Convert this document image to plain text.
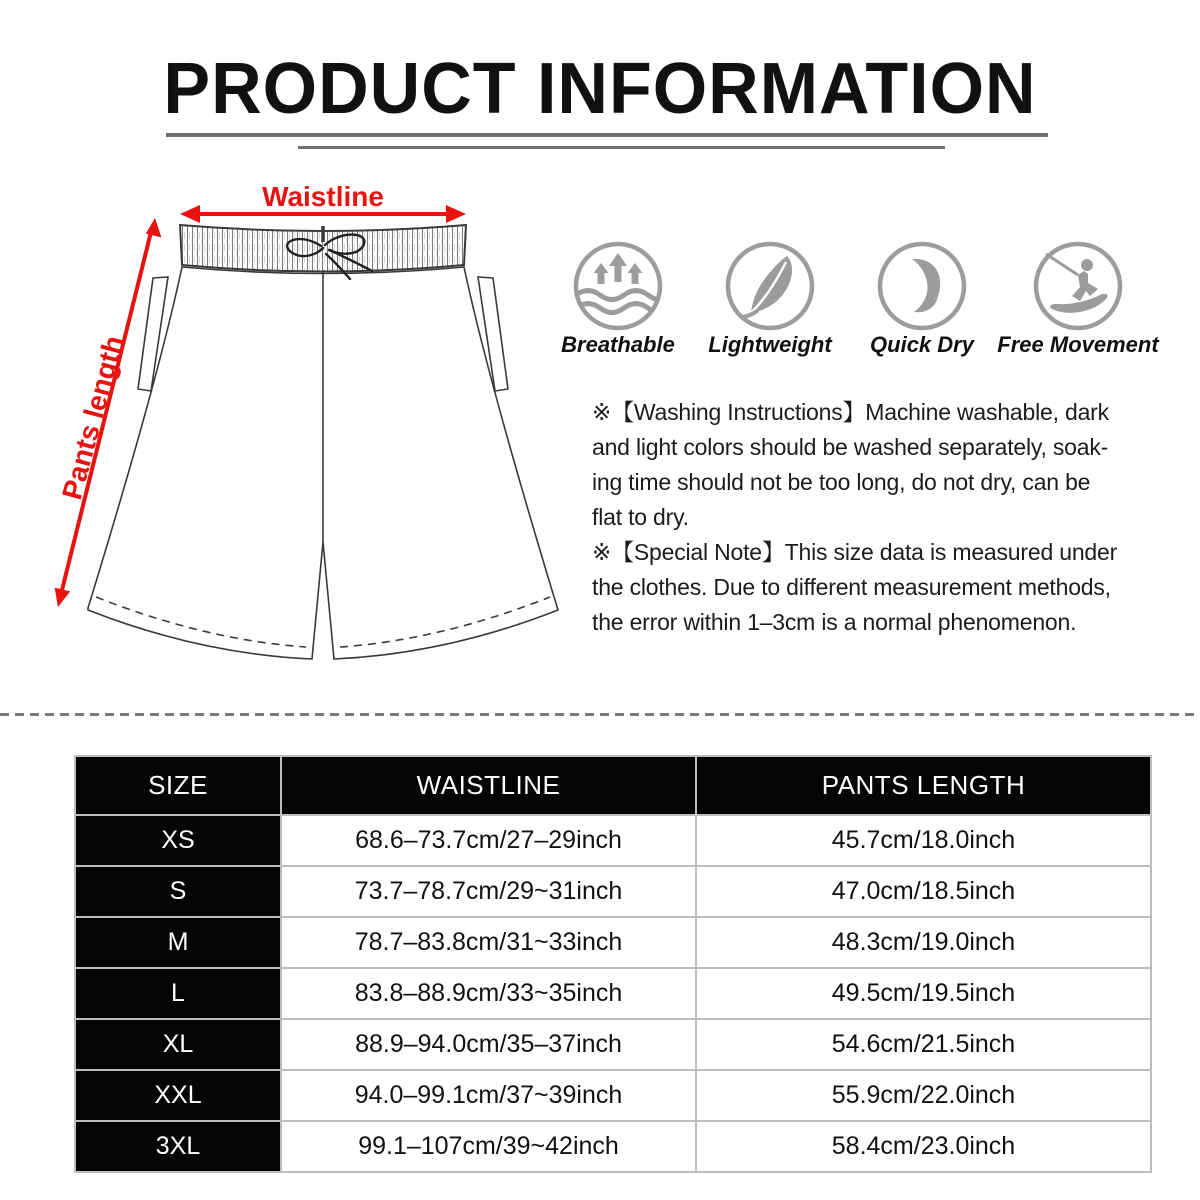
PRODUCT INFORMATION
Waistline
Pants length	Breathable	Lightweight	Quick Dry	Free Movement
※【Washing Instructions】Machine washable, dark
and light colors should be washed separately, soak-
ing time should not be too long, do not dry, can be
flat to dry.
※【Special Note】This size data is measured under
the clothes. Due to different measurement methods,
the error within 1–3cm is a normal phenomenon.
SIZE	WAISTLINE	PANTS LENGTH
XS	68.6–73.7cm/27–29inch	45.7cm/18.0inch
S	73.7–78.7cm/29~31inch	47.0cm/18.5inch
M	78.7–83.8cm/31~33inch	48.3cm/19.0inch
L	83.8–88.9cm/33~35inch	49.5cm/19.5inch
XL	88.9–94.0cm/35–37inch	54.6cm/21.5inch
XXL	94.0–99.1cm/37~39inch	55.9cm/22.0inch
3XL	99.1–107cm/39~42inch	58.4cm/23.0inch
